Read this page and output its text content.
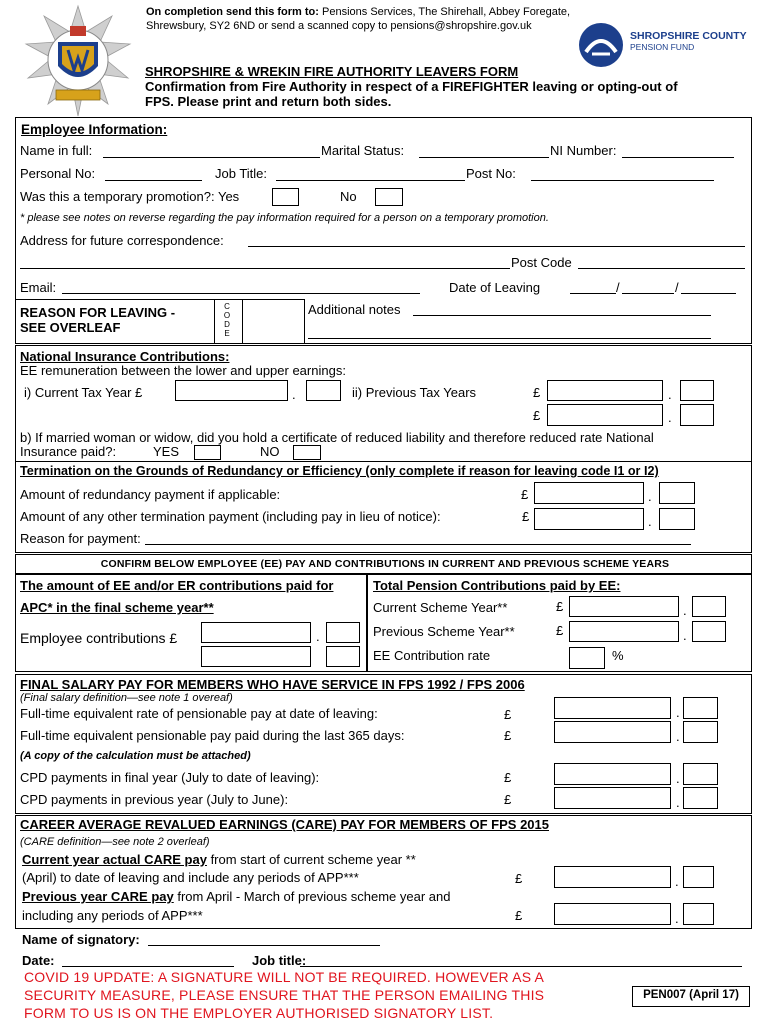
On completion send this form to: Pensions Services, The Shirehall, Abbey Foregate,
Shrewsbury, SY2 6ND or send a scanned copy to pensions@shropshire.gov.uk
SHROPSHIRE COUNTY
PENSION FUND
SHROPSHIRE & WREKIN FIRE AUTHORITY LEAVERS FORM
Confirmation from Fire Authority in respect of a FIREFIGHTER leaving or opting-out of
FPS. Please print and return both sides.
Employee Information:
Name in full:	Marital Status:	NI Number:
Personal No:	Job Title:	Post No:
Was this a temporary promotion?: Yes	No
* please see notes on reverse regarding the pay information required for a person on a temporary promotion.
Address for future correspondence:
Post Code
Email:	Date of Leaving	/	/
REASON FOR LEAVING -
SEE OVERLEAF
C
O
D
E
Additional notes
National Insurance Contributions:
EE remuneration between the lower and upper earnings:
i) Current Tax Year £	.	ii) Previous Tax Years	£	.
£	.
b) If married woman or widow, did you hold a certificate of reduced liability and therefore reduced rate National
Insurance paid?:	YES	NO
Termination on the Grounds of Redundancy or Efficiency (only complete if reason for leaving code I1 or I2)
Amount of redundancy payment if applicable:	£	.
Amount of any other termination payment (including pay in lieu of notice):	£	.
Reason for payment:
CONFIRM BELOW EMPLOYEE (EE) PAY AND CONTRIBUTIONS IN CURRENT AND PREVIOUS SCHEME YEARS
The amount of EE and/or ER contributions paid for
APC* in the final scheme year**
Employee contributions £	.
Total Pension Contributions paid by EE:
Current Scheme Year**	£	.
Previous Scheme Year**	£	.
EE Contribution rate	%
FINAL SALARY PAY FOR MEMBERS WHO HAVE SERVICE IN FPS 1992 / FPS 2006
(Final salary definition—see note 1 overeaf)
Full-time equivalent rate of pensionable pay at date of leaving:	£	.
Full-time equivalent pensionable pay paid during the last 365 days:	£	.
(A copy of the calculation must be attached)
CPD payments in final year (July to date of leaving):	£	.
CPD payments in previous year (July to June):	£	.
CAREER AVERAGE REVALUED EARNINGS (CARE) PAY FOR MEMBERS OF FPS 2015
(CARE definition—see note 2 overleaf)
Current year actual CARE pay from start of current scheme year **
(April) to date of leaving and include any periods of APP***	£	.
Previous year CARE pay from April - March of previous scheme year and
including any periods of APP***	£	.
Name of signatory:
Date:	Job title:
COVID 19 UPDATE: A SIGNATURE WILL NOT BE REQUIRED. HOWEVER AS A
SECURITY MEASURE, PLEASE ENSURE THAT THE PERSON EMAILING THIS
FORM TO US IS ON THE EMPLOYER AUTHORISED SIGNATORY LIST.
PEN007 (April 17)
